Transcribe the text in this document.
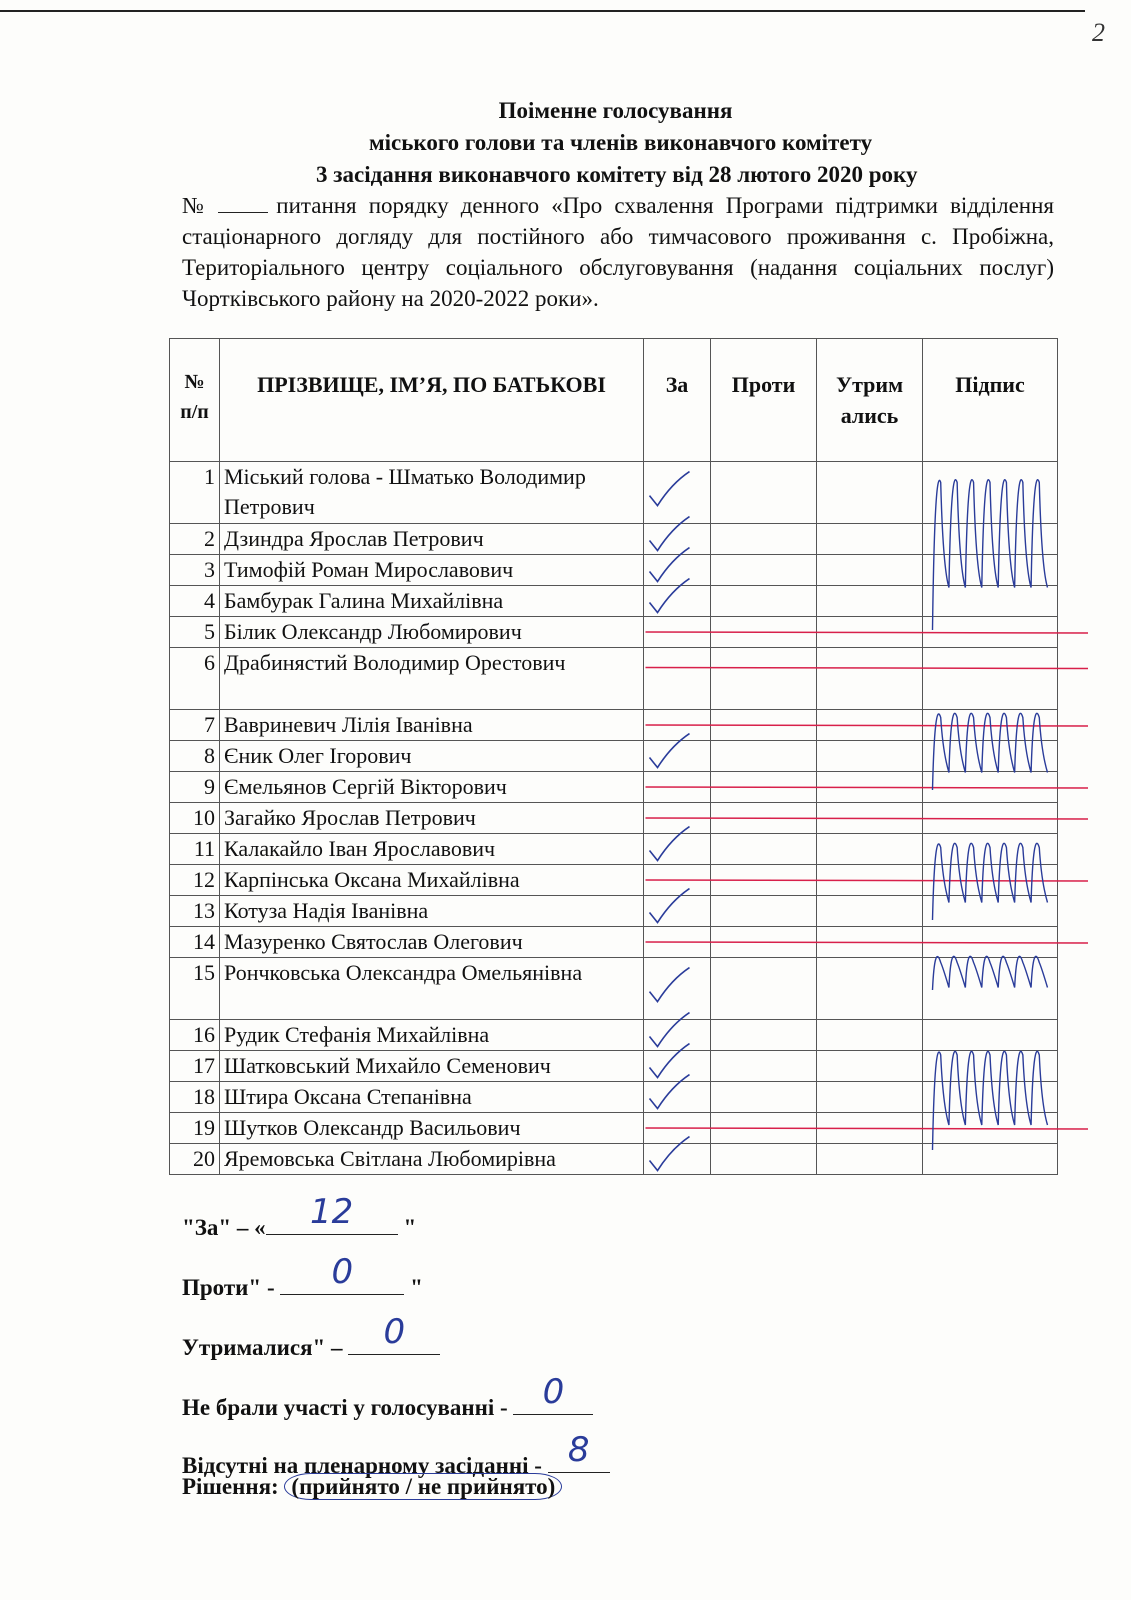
2
Поіменне голосування
міського голови та членів виконавчого комітету
3 засідання виконавчого комітету від 28 лютого 2020 року
№	питання порядку денного «Про схвалення Програми підтримки відділення стаціонарного догляду для постійного або тимчасового проживання с. Пробіжна, Територіального центру соціального обслуговування (надання соціальних послуг) Чортківського району на 2020-2022 роки».
№ п/п	ПРІЗВИЩЕ, ІМ’Я, ПО БАТЬКОВІ	За	Проти	Утрим ались	Підпис
1	Міський голова - Шматько Володимир Петрович				
2	Дзиндра Ярослав Петрович				
3	Тимофій Роман Мирославович				
4	Бамбурак Галина Михайлівна				
5	Білик Олександр Любомирович				
6	Драбинястий Володимир Орестович				
7	Вавриневич Лілія Іванівна				
8	Єник Олег Ігорович				
9	Ємельянов Сергій Вікторович				
10	Загайко Ярослав Петрович				
11	Калакайло Іван Ярославович				
12	Карпінська Оксана Михайлівна				
13	Котуза Надія Іванівна				
14	Мазуренко Святослав Олегович				
15	Рончковська Олександра Омельянівна				
16	Рудик Стефанія Михайлівна				
17	Шатковський Михайло Семенович				
18	Штира Оксана Степанівна				
19	Шутков Олександр Васильович				
20	Яремовська Світлана Любомирівна				
"За" – «	12	"
Проти" -	0	"
Утрималися" –	0
Не брали участі у голосуванні - 0
Відсутні на пленарному засіданні - 8
Рішення: (прийнято / не прийнято)
